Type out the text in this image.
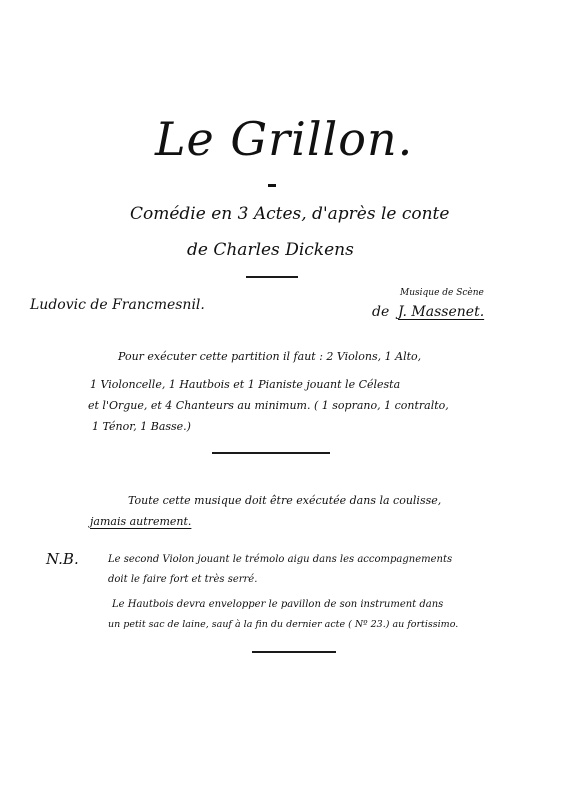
Le Grillon.
Comédie en 3 Actes, d'après le conte
de Charles Dickens
Ludovic de Francmesnil.
Musique de Scène
de J. Massenet.
Pour exécuter cette partition il faut : 2 Violons, 1 Alto,
1 Violoncelle, 1 Hautbois et 1 Pianiste jouant le Célesta
et l'Orgue, et 4 Chanteurs au minimum. ( 1 soprano, 1 contralto,
1 Ténor, 1 Basse.)
Toute cette musique doit être exécutée dans la coulisse,
jamais autrement.
N.B.	Le second Violon jouant le trémolo aigu dans les accompagnements
doit le faire fort et très serré.
Le Hautbois devra envelopper le pavillon de son instrument dans
un petit sac de laine, sauf à la fin du dernier acte ( Nº 23.) au fortissimo.
